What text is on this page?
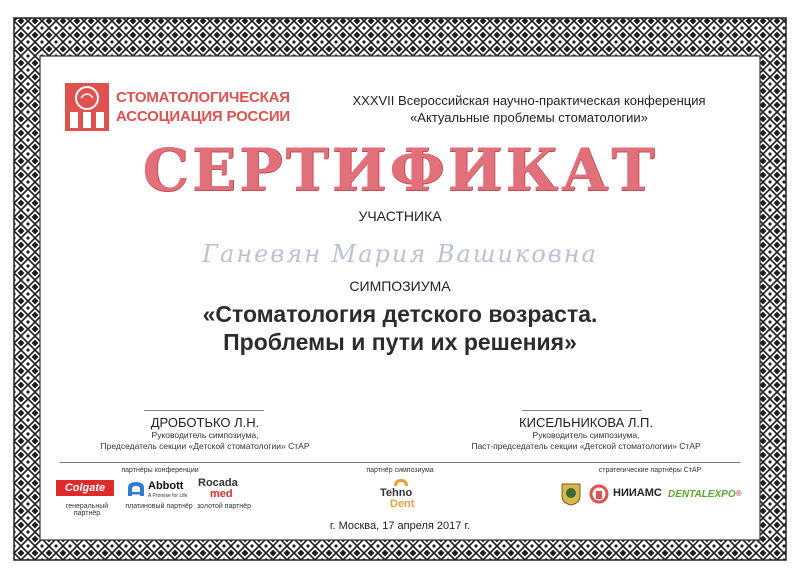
СТОМАТОЛОГИЧЕСКАЯ
АССОЦИАЦИЯ РОССИИ
XXXVII Всероссийская научно-практическая конференция
«Актуальные проблемы стоматологии»
СЕРТИФИКАТ
УЧАСТНИКА
Ганевян Мария Вашиковна
СИМПОЗИУМА
«Стоматология детского возраста.
Проблемы и пути их решения»
ДРОБОТЬКО Л.Н.
Руководитель симпозиума,
Председатель секции «Детской стоматологии» СтАР
КИСЕЛЬНИКОВА Л.П.
Руководитель симпозиума,
Паст-председатель секции «Детской стоматологии» СтАР
партнёры конференции	партнёр симпозиума	стратегические партнёры СтАР
Colgate
генеральный партнёр
Abbott
A Promise for Life
платиновый партнёр
Rocada
med
золотой партнёр
Tehno
Dent
НИИАМС DENTALEXPO®
г. Москва, 17 апреля 2017 г.
